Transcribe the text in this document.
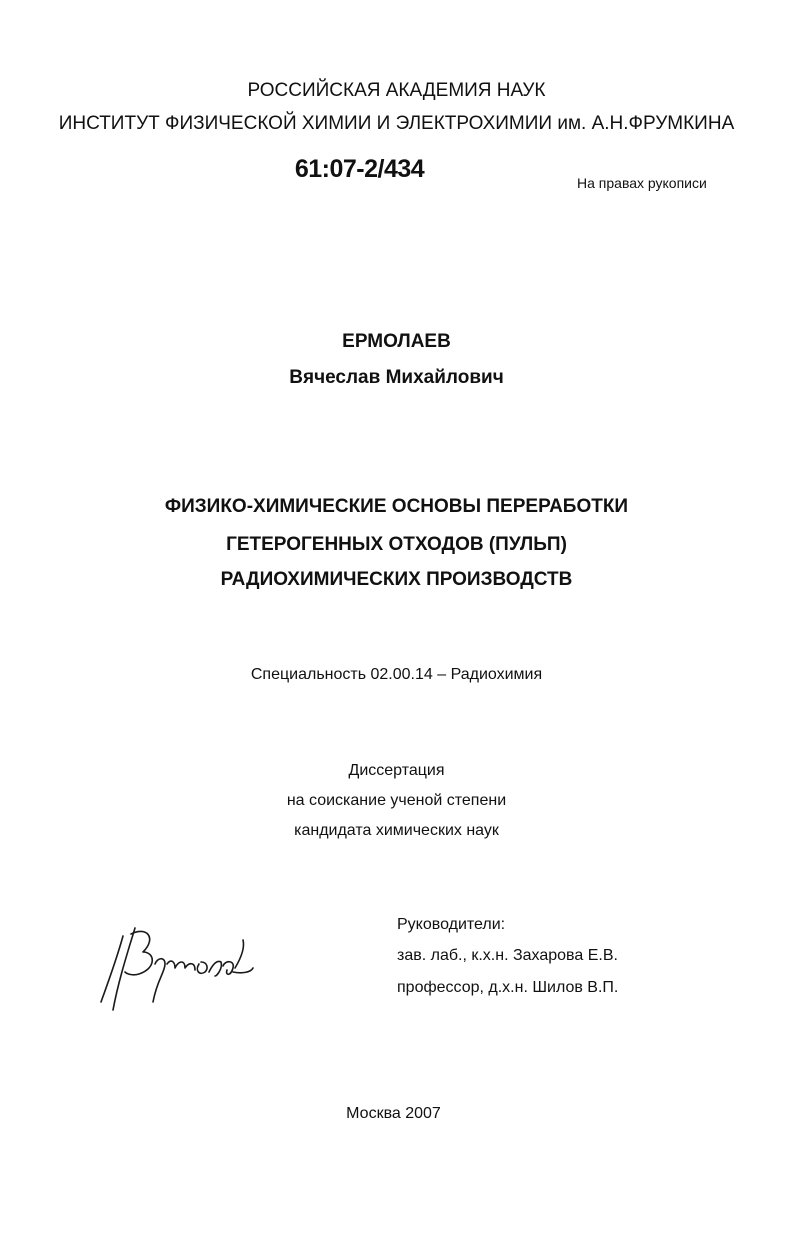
РОССИЙСКАЯ АКАДЕМИЯ НАУК
ИНСТИТУТ ФИЗИЧЕСКОЙ ХИМИИ И ЭЛЕКТРОХИМИИ им. А.Н.ФРУМКИНА
61:07-2/434	На правах рукописи
ЕРМОЛАЕВ
Вячеслав Михайлович
ФИЗИКО-ХИМИЧЕСКИЕ ОСНОВЫ ПЕРЕРАБОТКИ
ГЕТЕРОГЕННЫХ ОТХОДОВ (ПУЛЬП)
РАДИОХИМИЧЕСКИХ ПРОИЗВОДСТВ
Специальность 02.00.14 – Радиохимия
Диссертация
на соискание ученой степени
кандидата химических наук
Руководители:
зав. лаб., к.х.н. Захарова Е.В.
профессор, д.х.н. Шилов В.П.
Москва 2007
